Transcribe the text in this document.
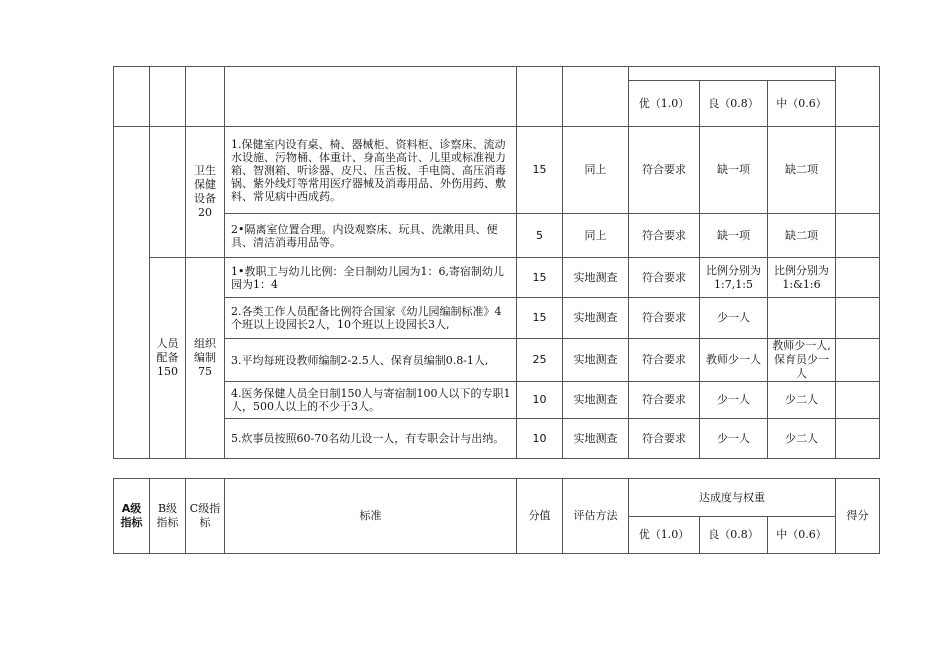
						优（1.0）	良（0.8）	中（0.6）	
		卫生保健设备20	1.保健室内设有桌、椅、器械柜、资料柜、诊察床、流动水设施、污物桶、体重计、身高坐高计、儿里或标准视力箱、智测箱、听诊器、皮尺、压舌板、手电筒、高压消毒锅、紫外线灯等常用医疗器械及消毒用品、外伤用药、敷料、常见病中西成药。	15	同上	符合要求	缺一项	缺二项	
			2•隔离室位置合理。内设观察床、玩具、洗漱用具、便具、清洁消毒用品等。	5	同上	符合要求	缺一项	缺二项	
	人员配备150	组织编制75	1•教职工与幼儿比例：全日制幼儿园为1：6,寄宿制幼儿园为1：4	15	实地测查	符合要求	比例分别为1:7,1:5	比例分别为1:&1:6	
			2.各类工作人员配备比例符合国家《幼儿园编制标准》4个班以上设园长2人，10个班以上设园长3人,	15	实地测查	符合要求	少一人		
			3.平均每班设教师编制2-2.5人、保育员编制0.8-1人,	25	实地测查	符合要求	教师少一人	教师少一人,保育员少一人	
			4.医务保健人员全日制150人与寄宿制100人以下的专职1人，500人以上的不少于3人。	10	实地测查	符合要求	少一人	少二人	
			5.炊事员按照60-70名幼儿设一人，有专职会计与出纳。	10	实地测查	符合要求	少一人	少二人	
A级指标	B级指标	C级指标	标准	分值	评估方法	达成度与权重			得分
						优（1.0）	良（0.8）	中（0.6）	
